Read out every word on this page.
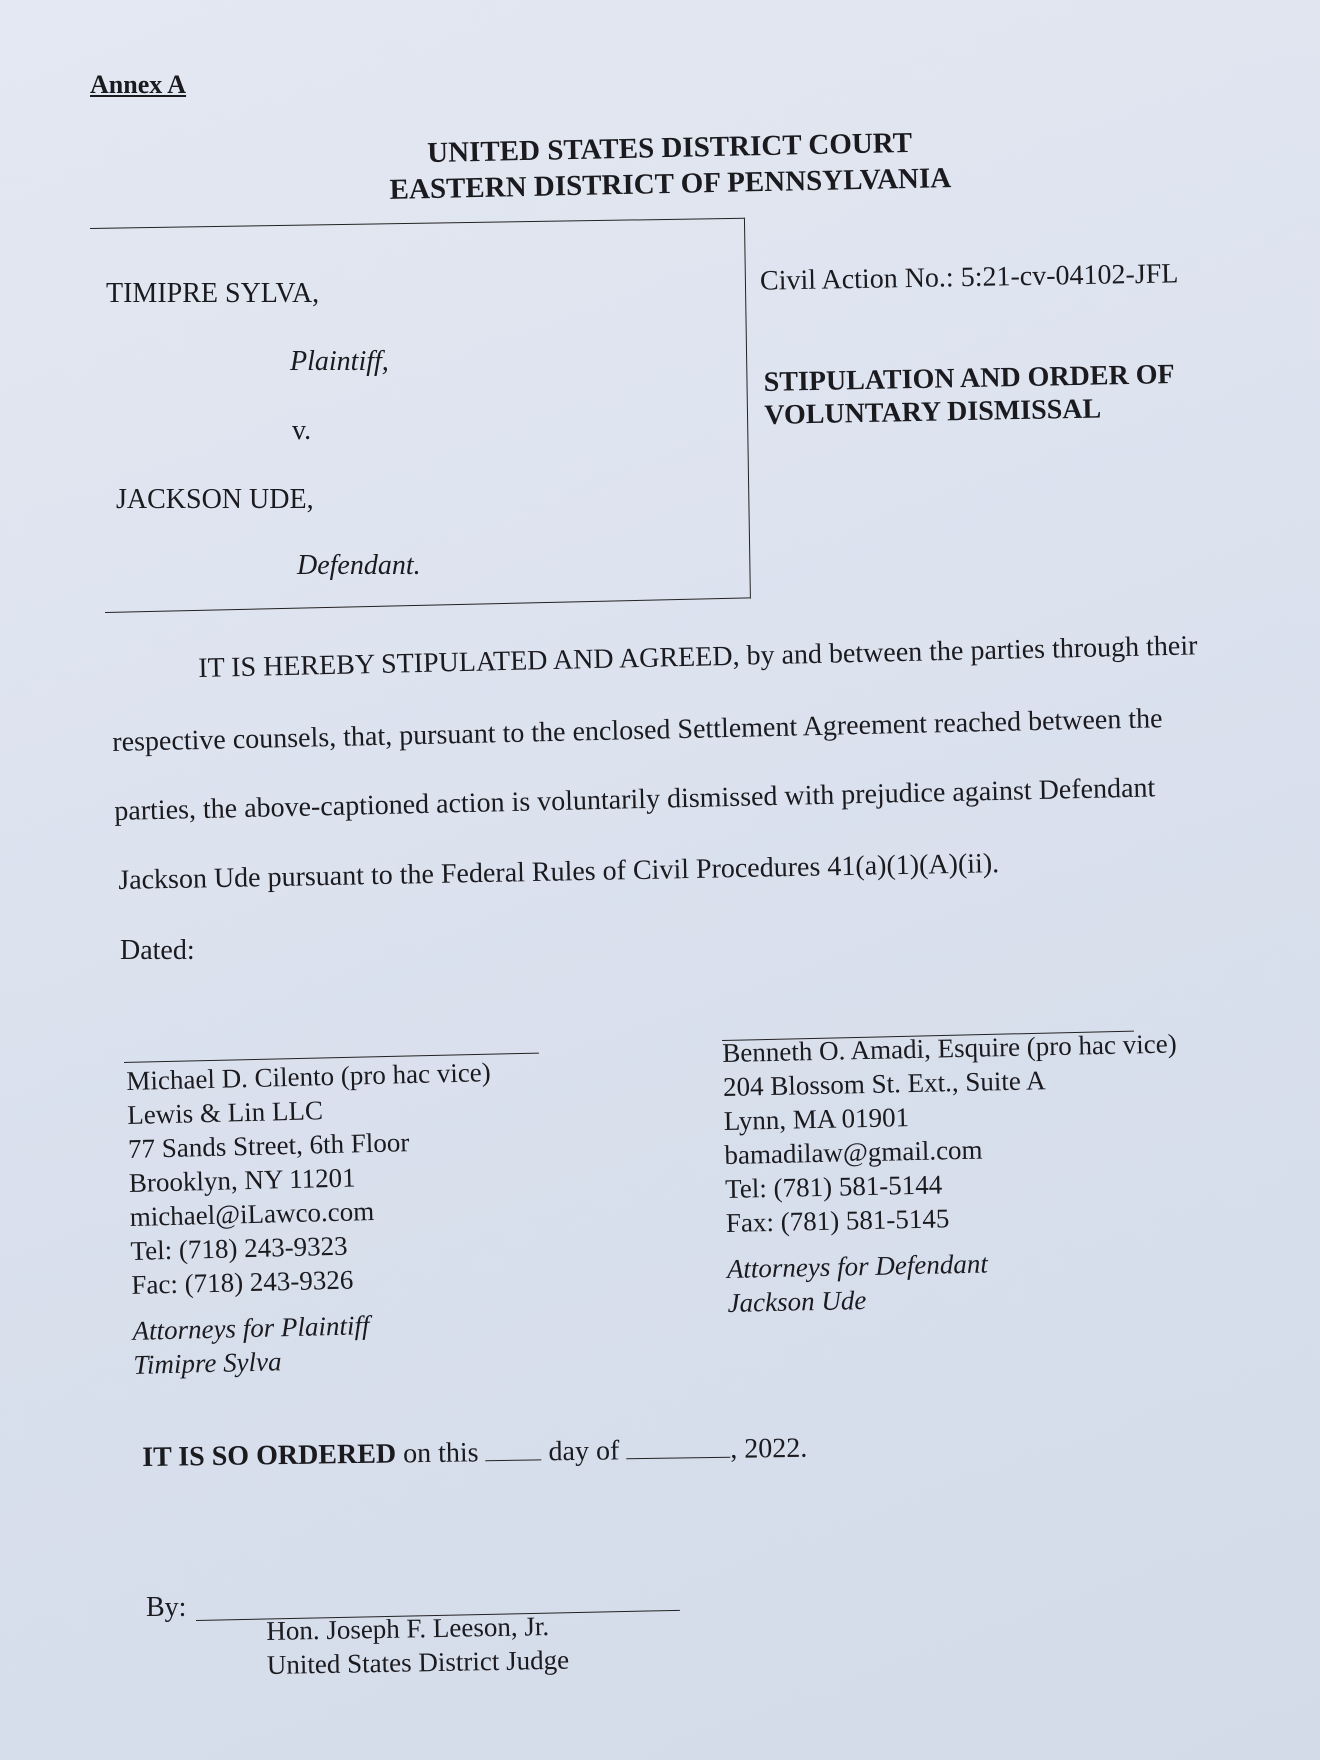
Annex A
UNITED STATES DISTRICT COURT
EASTERN DISTRICT OF PENNSYLVANIA
TIMIPRE SYLVA,
Plaintiff,
v.
JACKSON UDE,
Defendant.
Civil Action No.: 5:21-cv-04102-JFL
STIPULATION AND ORDER OF
VOLUNTARY DISMISSAL
IT IS HEREBY STIPULATED AND AGREED, by and between the parties through their
respective counsels, that, pursuant to the enclosed Settlement Agreement reached between the
parties, the above-captioned action is voluntarily dismissed with prejudice against Defendant
Jackson Ude pursuant to the Federal Rules of Civil Procedures 41(a)(1)(A)(ii).
Dated:
Michael D. Cilento (pro hac vice)
Lewis & Lin LLC
77 Sands Street, 6th Floor
Brooklyn, NY 11201
michael@iLawco.com
Tel: (718) 243-9323
Fac: (718) 243-9326
Attorneys for Plaintiff
Timipre Sylva
Benneth O. Amadi, Esquire (pro hac vice)
204 Blossom St. Ext., Suite A
Lynn, MA 01901
bamadilaw@gmail.com
Tel: (781) 581-5144
Fax: (781) 581-5145
Attorneys for Defendant
Jackson Ude
IT IS SO ORDERED on this day of	, 2022.
By:
Hon. Joseph F. Leeson, Jr.
United States District Judge
